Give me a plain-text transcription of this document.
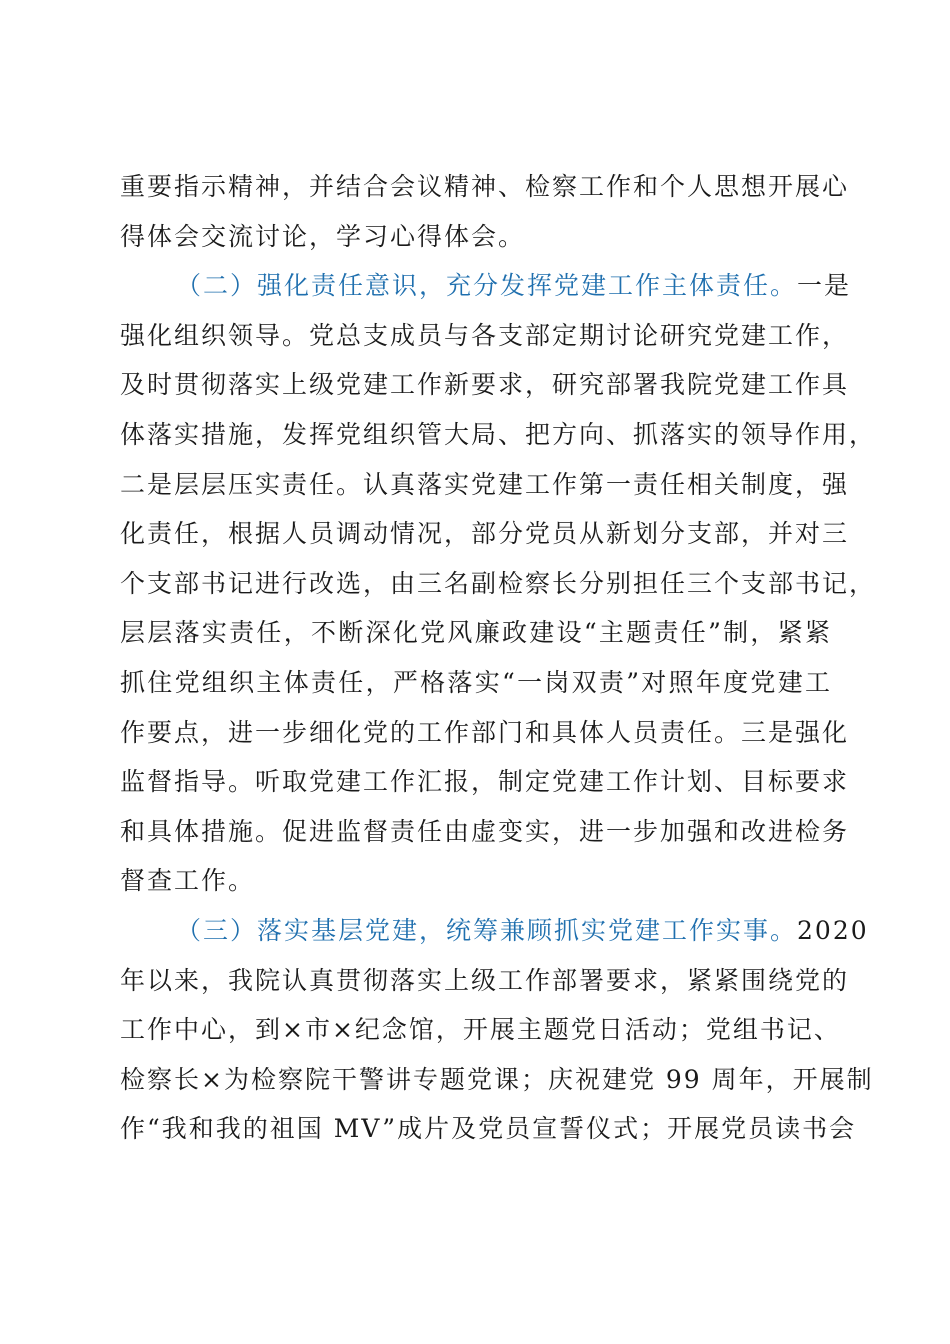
重要指示精神，并结合会议精神、检察工作和个人思想开展心
得体会交流讨论，学习心得体会。
（二）强化责任意识，充分发挥党建工作主体责任。一是
强化组织领导。党总支成员与各支部定期讨论研究党建工作，
及时贯彻落实上级党建工作新要求，研究部署我院党建工作具
体落实措施，发挥党组织管大局、把方向、抓落实的领导作用，
二是层层压实责任。认真落实党建工作第一责任相关制度，强
化责任，根据人员调动情况，部分党员从新划分支部，并对三
个支部书记进行改选，由三名副检察长分别担任三个支部书记，
层层落实责任，不断深化党风廉政建设“主题责任”制，紧紧
抓住党组织主体责任，严格落实“一岗双责”对照年度党建工
作要点，进一步细化党的工作部门和具体人员责任。三是强化
监督指导。听取党建工作汇报，制定党建工作计划、目标要求
和具体措施。促进监督责任由虚变实，进一步加强和改进检务
督查工作。
（三）落实基层党建，统筹兼顾抓实党建工作实事。2020
年以来，我院认真贯彻落实上级工作部署要求，紧紧围绕党的
工作中心，到×市×纪念馆，开展主题党日活动；党组书记、
检察长×为检察院干警讲专题党课；庆祝建党 99 周年，开展制
作“我和我的祖国 MV”成片及党员宣誓仪式；开展党员读书会
